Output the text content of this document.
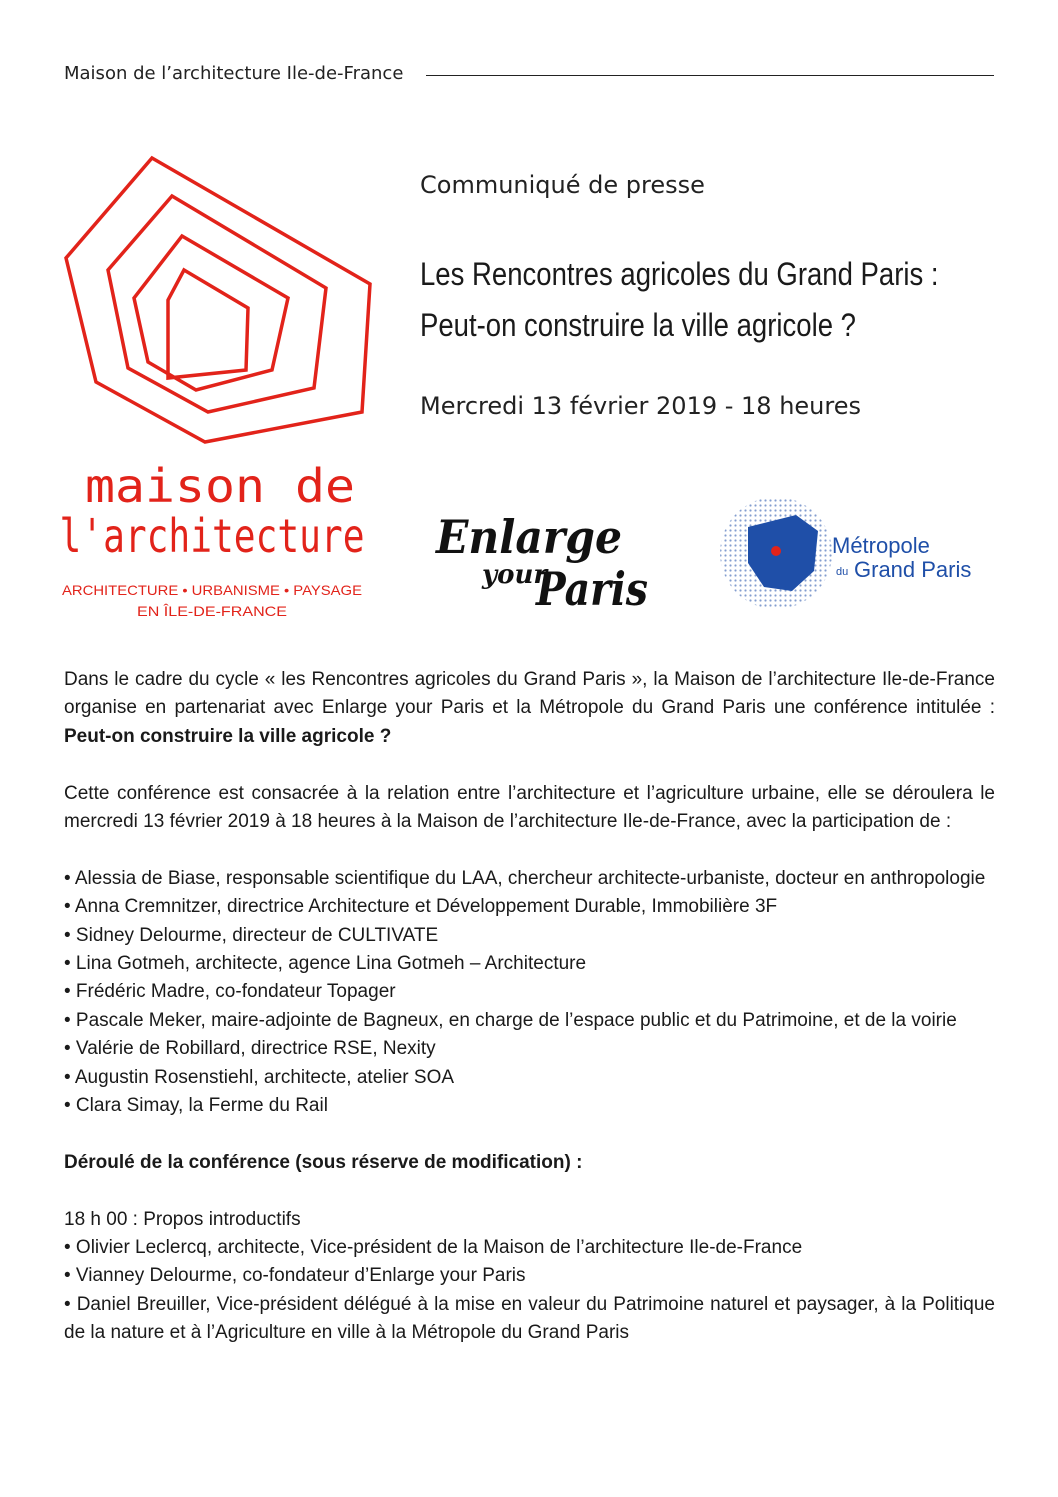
Maison de l’architecture Ile-de-France
maison de
l'architecture
ARCHITECTURE • URBANISME • PAYSAGE
EN ÎLE-DE-FRANCE
Communiqué de presse
Les Rencontres agricoles du Grand Paris :
Peut-on construire la ville agricole ?
Mercredi 13 février 2019 - 18 heures
Enlarge
your
Paris
Métropole
du Grand Paris

Dans le cadre du cycle « les Rencontres agricoles du Grand Paris », la Maison de l’architecture Ile-de-France organise en partenariat avec Enlarge your Paris et la Métropole du Grand Paris une conférence intitulée : Peut-on construire la ville agricole ?

Cette conférence est consacrée à la relation entre l’architecture et l’agriculture urbaine, elle se déroulera le mercredi 13 février 2019 à 18 heures à la Maison de l’architecture Ile-de-France, avec la participation de :

• Alessia de Biase, responsable scientifique du LAA, chercheur architecte-urbaniste, docteur en anthropologie
• Anna Cremnitzer, directrice Architecture et Développement Durable, Immobilière 3F
• Sidney Delourme, directeur de CULTIVATE
• Lina Gotmeh, architecte, agence Lina Gotmeh – Architecture
• Frédéric Madre, co-fondateur Topager
• Pascale Meker, maire-adjointe de Bagneux, en charge de l’espace public et du Patrimoine, et de la voirie
• Valérie de Robillard, directrice RSE, Nexity
• Augustin Rosenstiehl, architecte, atelier SOA
• Clara Simay, la Ferme du Rail

Déroulé de la conférence (sous réserve de modification) :

18 h 00 : Propos introductifs

• Olivier Leclercq, architecte, Vice-président de la Maison de l’architecture Ile-de-France
• Vianney Delourme, co-fondateur d’Enlarge your Paris
• Daniel Breuiller, Vice-président délégué à la mise en valeur du Patrimoine naturel et paysager, à la Politique de la nature et à l’Agriculture en ville à la Métropole du Grand Paris
